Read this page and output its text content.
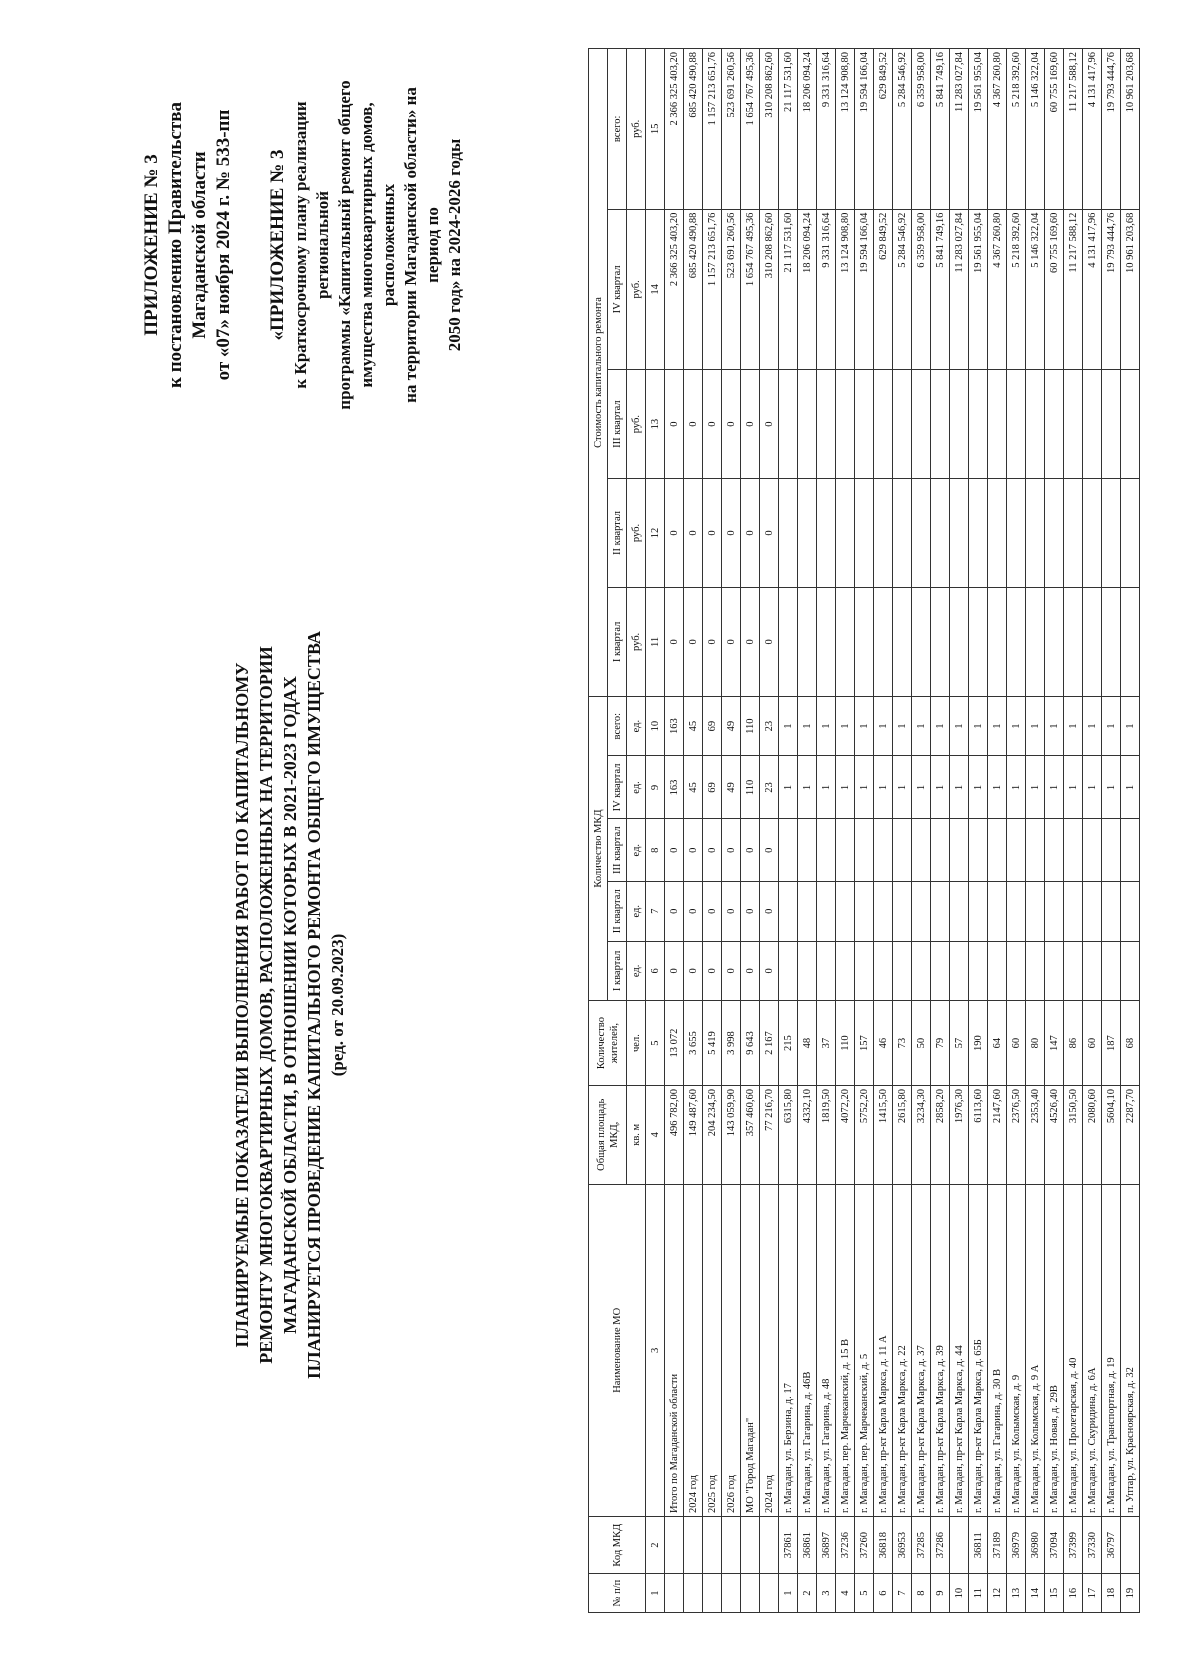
ПРИЛОЖЕНИЕ № 3 к постановлению Правительства Магаданской области от «07» ноября 2024 г. № 533-пп «ПРИЛОЖЕНИЕ № 3 к Краткосрочному плану реализации региональной программы «Капитальный ремонт общего имущества многоквартирных домов, расположенных на территории Магаданской области» на период по 2050 год» на 2024-2026 годы
ПЛАНИРУЕМЫЕ ПОКАЗАТЕЛИ ВЫПОЛНЕНИЯ РАБОТ ПО КАПИТАЛЬНОМУ РЕМОНТУ МНОГОКВАРТИРНЫХ ДОМОВ, РАСПОЛОЖЕННЫХ НА ТЕРРИТОРИИ МАГАДАНСКОЙ ОБЛАСТИ, В ОТНОШЕНИИ КОТОРЫХ В 2021-2023 ГОДАХ ПЛАНИРУЕТСЯ ПРОВЕДЕНИЕ КАПИТАЛЬНОГО РЕМОНТА ОБЩЕГО ИМУЩЕСТВА (ред. от 20.09.2023)
№ п/п	Код МКД	Наименование МО	Общая площадь МКД,	Количество жителей,	Количество МКД					Стоимость капитального ремонта				
					I квартал	II квартал	III квартал	IV квартал	всего:	I квартал	II квартал	III квартал	IV квартал	всего:
			кв. м	чел.	ед.	ед.	ед.	ед.	ед.	руб.	руб.	руб.	руб.	руб.
1	2	3	4	5	6	7	8	9	10	11	12	13	14	15
		Итого по Магаданской области	496 782,00	13 072	0	0	0	163	163	0	0	0	2 366 325 403,20	2 366 325 403,20
		2024 год	149 487,60	3 655	0	0	0	45	45	0	0	0	685 420 490,88	685 420 490,88
		2025 год	204 234,50	5 419	0	0	0	69	69	0	0	0	1 157 213 651,76	1 157 213 651,76
		2026 год	143 059,90	3 998	0	0	0	49	49	0	0	0	523 691 260,56	523 691 260,56
		МО "Город Магадан"	357 460,60	9 643	0	0	0	110	110	0	0	0	1 654 767 495,36	1 654 767 495,36
		2024 год	77 216,70	2 167	0	0	0	23	23	0	0	0	310 208 862,60	310 208 862,60
1	37861	г. Магадан, ул. Берзина, д. 17	6315,80	215				1	1				21 117 531,60	21 117 531,60
2	36861	г. Магадан, ул. Гагарина, д. 46В	4332,10	48				1	1				18 206 094,24	18 206 094,24
3	36897	г. Магадан, ул. Гагарина, д. 48	1819,50	37				1	1				9 331 316,64	9 331 316,64
4	37236	г. Магадан, пер. Марчеканский, д. 15 В	4072,20	110				1	1				13 124 908,80	13 124 908,80
5	37260	г. Магадан, пер. Марчеканский, д. 5	5752,20	157				1	1				19 594 166,04	19 594 166,04
6	36818	г. Магадан, пр-кт Карла Маркса, д. 11 А	1415,50	46				1	1				629 849,52	629 849,52
7	36953	г. Магадан, пр-кт Карла Маркса, д. 22	2615,80	73				1	1				5 284 546,92	5 284 546,92
8	37285	г. Магадан, пр-кт Карла Маркса, д. 37	3234,30	50				1	1				6 359 958,00	6 359 958,00
9	37286	г. Магадан, пр-кт Карла Маркса, д. 39	2858,20	79				1	1				5 841 749,16	5 841 749,16
10		г. Магадан, пр-кт Карла Маркса, д. 44	1976,30	57				1	1				11 283 027,84	11 283 027,84
11	36811	г. Магадан, пр-кт Карла Маркса, д. 65Б	6113,60	190				1	1				19 561 955,04	19 561 955,04
12	37189	г. Магадан, ул. Гагарина, д. 30 В	2147,60	64				1	1				4 367 260,80	4 367 260,80
13	36979	г. Магадан, ул. Колымская, д. 9	2376,50	60				1	1				5 218 392,60	5 218 392,60
14	36980	г. Магадан, ул. Колымская, д. 9 А	2353,40	80				1	1				5 146 322,04	5 146 322,04
15	37094	г. Магадан, ул. Новая, д. 29В	4526,40	147				1	1				60 755 169,60	60 755 169,60
16	37399	г. Магадан, ул. Пролетарская, д. 40	3150,50	86				1	1				11 217 588,12	11 217 588,12
17	37330	г. Магадан, ул. Скуридина, д. 6А	2080,60	60				1	1				4 131 417,96	4 131 417,96
18	36797	г. Магадан, ул. Транспортная, д. 19	5604,10	187				1	1				19 793 444,76	19 793 444,76
19		п. Уптар, ул. Красноярская, д. 32	2287,70	68				1	1				10 961 203,68	10 961 203,68
